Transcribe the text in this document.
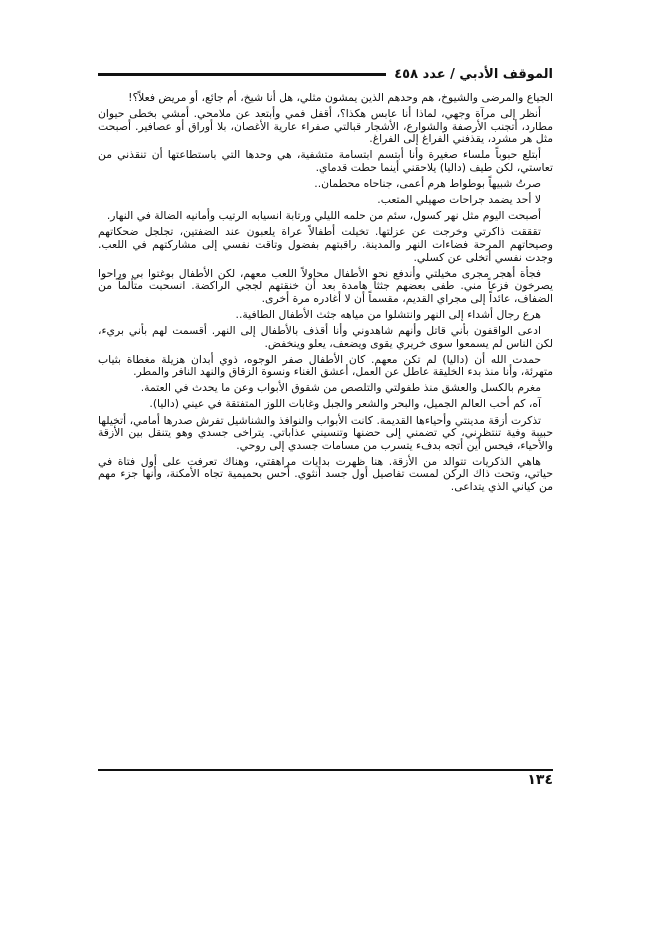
الموقف الأدبي / عدد ٤٥٨

الجياع والمرضى والشيوخ، هم وحدهم الذين يمشون مثلي، هل أنا شيخ، أم جائع، أو مريض فعلاً؟!

أنظر إلى مرآة وجهي، لماذا أنا عابس هكذا؟، أقفل فمي وأبتعد عن ملامحي. أمشي بخطى حيوان مطارد، أتجنب الأرصفة والشوارع، الأشجار قبالتي صفراء عارية الأغصان، بلا أوراق أو عصافير. أصبحت مثل هر مشرد، يقذفني الفراغ إلى الفراغ.

أبتلع حبوباً ملساء صغيرة وأنا أبتسم ابتسامة متشفية، هي وحدها التي باستطاعتها أن تنقذني من تعاستي، لكن طيف (داليا) يلاحقني أينما حطت قدماي.

صرتُ شبيهاً بوطواط هرم أعمى، جناحاه محطمان..

لا أحد يضمد جراحات صهيلي المتعب.

أصبحت اليوم مثل نهر كسول، سئم من حلمه الليلي ورتابة انسيابه الرتيب وأمانيه الضالة في النهار.

تقققت ذاكرتي وخرجت عن عزلتها. تخيلت أطفالاً عراة يلعبون عند الضفتين، تجلجل ضحكاتهم وصيحاتهم المرحة فضاءات النهر والمدينة. راقبتهم بفضول وتاقت نفسي إلى مشاركتهم في اللعب. وجدت نفسي أتخلى عن كسلي.

فجأة أهجر مجرى مخيلتي وأندفع نحو الأطفال محاولاً اللعب معهم، لكن الأطفال بوغتوا بي وراحوا يصرخون فزعاً مني. طفى بعضهم جثثاً هامدة بعد أن خنقتهم لججي الراكضة. انسحبت متألماً من الضفاف، عائداً إلى مجراي القديم، مقسماً أن لا أغادره مرة أخرى.

هرع رجال أشداء إلى النهر وانتشلوا من مياهه جثث الأطفال الطافية..

ادعى الواقفون بأني قاتل وأنهم شاهدوني وأنا أقذف بالأطفال إلى النهر. أقسمت لهم بأني بريء، لكن الناس لم يسمعوا سوى خريري يقوى ويضعف، يعلو وينخفض.

حمدت الله أن (داليا) لم تكن معهم. كان الأطفال صفر الوجوه، ذوي أبدان هزيلة مغطاة بثياب متهرئة، وأنا منذ بدء الخليقة عاطل عن العمل، أعشق الغناء ونسوة الزقاق والنهد النافر والمطر.

مغرم بالكسل والعشق منذ طفولتي والتلصص من شقوق الأبواب وعن ما يحدث في العتمة.

آه، كم أحب العالم الجميل، والبحر والشعر والجبل وغابات اللوز المتفتقة في عيني (داليا).

تذكرت أزقة مدينتي وأحياءها القديمة. كانت الأبواب والنوافذ والشناشيل تفرش صدرها أمامي، أتخيلها حبيبة وفية تنتظرني، كي تضمني إلى حضنها وتنسيني عذاباتي. يتراخى جسدي وهو يتنقل بين الأزقة والأحياء، فيحس أين أتجه بدفء يتسرب من مسامات جسدي إلى روحي.

هاهي الذكريات تتوالد من الأزقة. هنا ظهرت بدايات مراهقتي، وهناك تعرفت على أول فتاة في حياتي، وتحت ذاك الركن لمست تفاصيل أول جسد أنثوي. أحس بحميمية تجاه الأمكنة، وأنها جزء مهم من كياني الذي يتداعى.

١٣٤
